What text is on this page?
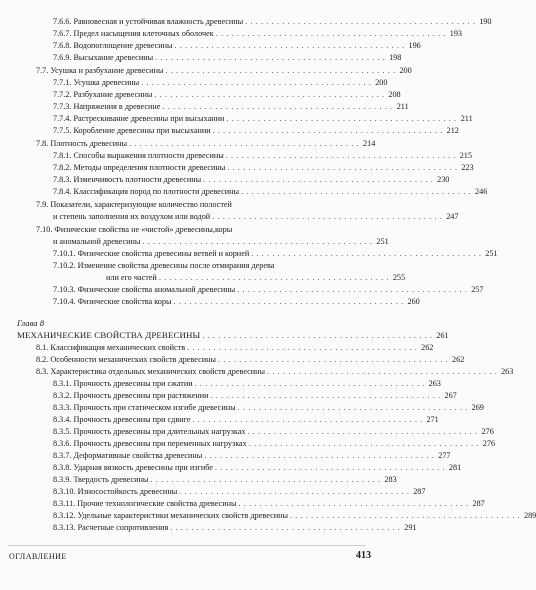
7.6.6. Равновесная и устойчивая влажность древесины . . . . . . . . . . . . . . . . . . . . . . . . . . . . . . . . . . . . . . . . . . . . 190
7.6.7. Предел насыщения клеточных оболочек . . . . . . . . . . . . . . . . . . . . . . . . . . . . . . . . . . . . . . . . . . . . 193
7.6.8. Водопоглощение древесины . . . . . . . . . . . . . . . . . . . . . . . . . . . . . . . . . . . . . . . . . . . . 196
7.6.9. Высыхание древесины . . . . . . . . . . . . . . . . . . . . . . . . . . . . . . . . . . . . . . . . . . . . 198
7.7. Усушка и разбухание древесины . . . . . . . . . . . . . . . . . . . . . . . . . . . . . . . . . . . . . . . . . . . . 200
7.7.1. Усушка древесины . . . . . . . . . . . . . . . . . . . . . . . . . . . . . . . . . . . . . . . . . . . . 200
7.7.2. Разбухание древесины . . . . . . . . . . . . . . . . . . . . . . . . . . . . . . . . . . . . . . . . . . . . 208
7.7.3. Напряжения в древесине . . . . . . . . . . . . . . . . . . . . . . . . . . . . . . . . . . . . . . . . . . . . 211
7.7.4. Растрескивание древесины при высыхании . . . . . . . . . . . . . . . . . . . . . . . . . . . . . . . . . . . . . . . . . . . . 211
7.7.5. Коробление древесины при высыхании . . . . . . . . . . . . . . . . . . . . . . . . . . . . . . . . . . . . . . . . . . . . 212
7.8. Плотность древесины . . . . . . . . . . . . . . . . . . . . . . . . . . . . . . . . . . . . . . . . . . . . 214
7.8.1. Способы выражения плотности древесины . . . . . . . . . . . . . . . . . . . . . . . . . . . . . . . . . . . . . . . . . . . . 215
7.8.2. Методы определения плотности древесины . . . . . . . . . . . . . . . . . . . . . . . . . . . . . . . . . . . . . . . . . . . . 223
7.8.3. Изменчивость плотности древесины . . . . . . . . . . . . . . . . . . . . . . . . . . . . . . . . . . . . . . . . . . . . 230
7.8.4. Классификация пород по плотности древесины . . . . . . . . . . . . . . . . . . . . . . . . . . . . . . . . . . . . . . . . . . . . 246
7.9. Показатели, характеризующие количество полостей
и степень заполнения их воздухом или водой . . . . . . . . . . . . . . . . . . . . . . . . . . . . . . . . . . . . . . . . . . . . 247
7.10. Физические свойства не «чистой» древесины,коры
и аномальной древесины . . . . . . . . . . . . . . . . . . . . . . . . . . . . . . . . . . . . . . . . . . . . 251
7.10.1. Физические свойства древесины ветвей и корней . . . . . . . . . . . . . . . . . . . . . . . . . . . . . . . . . . . . . . . . . . . . 251
7.10.2. Изменение свойства древесины после отмирания дерева
или его частей . . . . . . . . . . . . . . . . . . . . . . . . . . . . . . . . . . . . . . . . . . . . 255
7.10.3. Физические свойства аномальной древесины . . . . . . . . . . . . . . . . . . . . . . . . . . . . . . . . . . . . . . . . . . . . 257
7.10.4. Физические свойства коры . . . . . . . . . . . . . . . . . . . . . . . . . . . . . . . . . . . . . . . . . . . . 260
Глава 8
МЕХАНИЧЕСКИЕ СВОЙСТВА ДРЕВЕСИНЫ . . . . . . . . . . . . . . . . . . . . . . . . . . . . . . . . . . . . . . . . . . . . 261
8.1. Классификация механических свойств . . . . . . . . . . . . . . . . . . . . . . . . . . . . . . . . . . . . . . . . . . . . 262
8.2. Особенности механических свойств древесины . . . . . . . . . . . . . . . . . . . . . . . . . . . . . . . . . . . . . . . . . . . . 262
8.3. Характеристика отдельных механических свойств древесины . . . . . . . . . . . . . . . . . . . . . . . . . . . . . . . . . . . . . . . . . . . . 263
8.3.1. Прочность древесины при сжатии . . . . . . . . . . . . . . . . . . . . . . . . . . . . . . . . . . . . . . . . . . . . 263
8.3.2. Прочность древесины при растяжении . . . . . . . . . . . . . . . . . . . . . . . . . . . . . . . . . . . . . . . . . . . . 267
8.3.3. Прочность при статическом изгибе древесины . . . . . . . . . . . . . . . . . . . . . . . . . . . . . . . . . . . . . . . . . . . . 269
8.3.4. Прочность древесины при сдвиге . . . . . . . . . . . . . . . . . . . . . . . . . . . . . . . . . . . . . . . . . . . . 271
8.3.5. Прочность древесины при длительных нагрузках . . . . . . . . . . . . . . . . . . . . . . . . . . . . . . . . . . . . . . . . . . . . 276
8.3.6. Прочность древесины при переменных нагрузках . . . . . . . . . . . . . . . . . . . . . . . . . . . . . . . . . . . . . . . . . . . . 276
8.3.7. Деформативные свойства древесины . . . . . . . . . . . . . . . . . . . . . . . . . . . . . . . . . . . . . . . . . . . . 277
8.3.8. Ударная вязкость древесины при изгибе . . . . . . . . . . . . . . . . . . . . . . . . . . . . . . . . . . . . . . . . . . . . 281
8.3.9. Твердость древесины . . . . . . . . . . . . . . . . . . . . . . . . . . . . . . . . . . . . . . . . . . . . 283
8.3.10. Износостойкость древесины . . . . . . . . . . . . . . . . . . . . . . . . . . . . . . . . . . . . . . . . . . . . 287
8.3.11. Прочие технологические свойства древесины . . . . . . . . . . . . . . . . . . . . . . . . . . . . . . . . . . . . . . . . . . . . 287
8.3.12. Удельные характеристики механических свойств древесины . . . . . . . . . . . . . . . . . . . . . . . . . . . . . . . . . . . . . . . . . . . . 289
8.3.13. Расчетные сопротивления . . . . . . . . . . . . . . . . . . . . . . . . . . . . . . . . . . . . . . . . . . . . 291
ОГЛАВЛЕНИЕ	413
